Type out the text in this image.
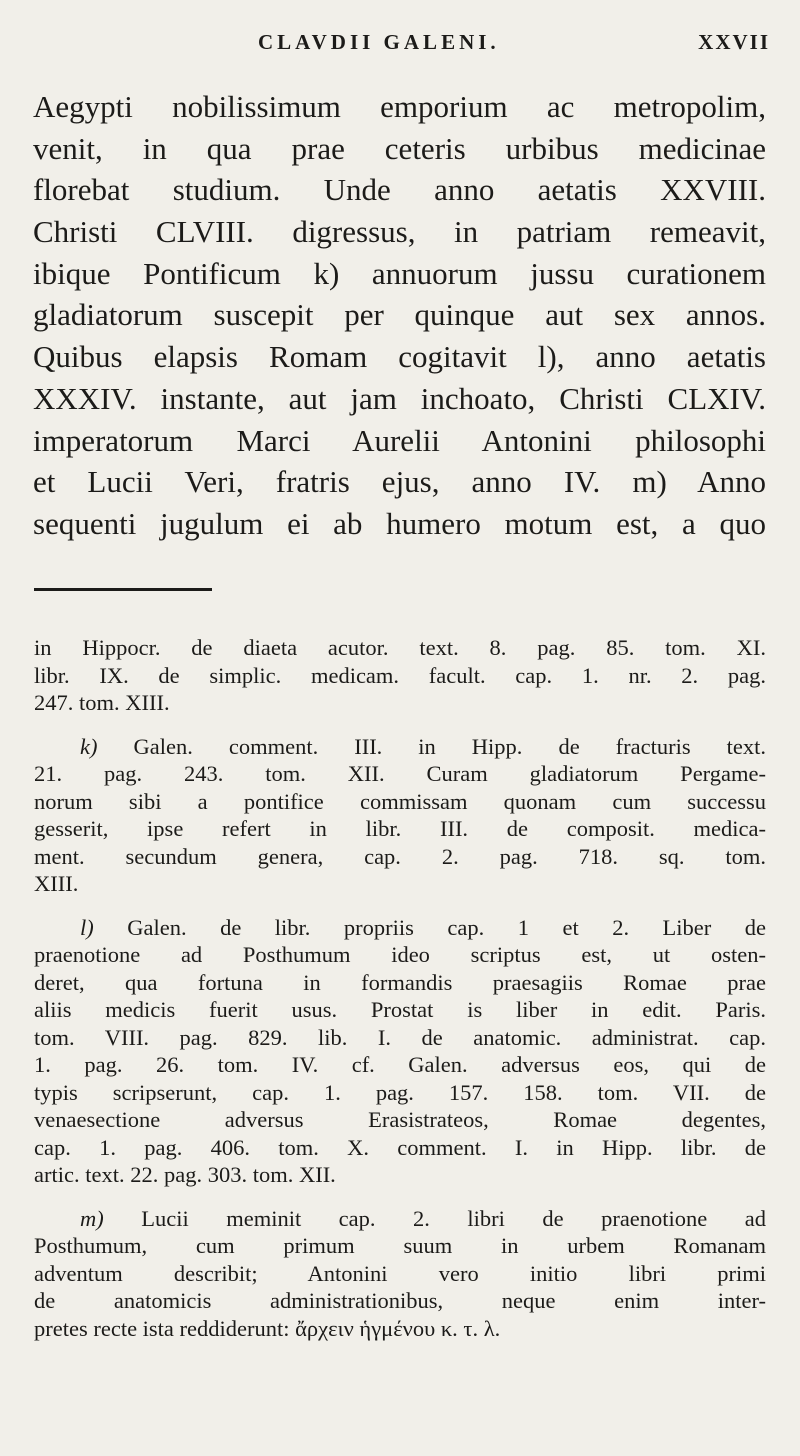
CLAVDII GALENI.	XXVII
Aegypti nobilissimum emporium ac metropolim,
venit, in qua prae ceteris urbibus medicinae
florebat studium. Unde anno aetatis XXVIII.
Christi CLVIII. digressus, in patriam remeavit,
ibique Pontificum k) annuorum jussu curationem
gladiatorum suscepit per quinque aut sex annos.
Quibus elapsis Romam cogitavit l), anno aetatis
XXXIV. instante, aut jam inchoato, Christi CLXIV.
imperatorum Marci Aurelii Antonini philosophi
et Lucii Veri, fratris ejus, anno IV. m) Anno
sequenti jugulum ei ab humero motum est, a quo
in Hippocr. de diaeta acutor. text. 8. pag. 85. tom. XI.
libr. IX. de simplic. medicam. facult. cap. 1. nr. 2. pag.
247. tom. XIII.
k) Galen. comment. III. in Hipp. de fracturis text.
21. pag. 243. tom. XII. Curam gladiatorum Pergame-
norum sibi a pontifice commissam quonam cum successu
gesserit, ipse refert in libr. III. de composit. medica-
ment. secundum genera, cap. 2. pag. 718. sq. tom.
XIII.
l) Galen. de libr. propriis cap. 1 et 2. Liber de
praenotione ad Posthumum ideo scriptus est, ut osten-
deret, qua fortuna in formandis praesagiis Romae prae
aliis medicis fuerit usus. Prostat is liber in edit. Paris.
tom. VIII. pag. 829. lib. I. de anatomic. administrat. cap.
1. pag. 26. tom. IV. cf. Galen. adversus eos, qui de
typis scripserunt, cap. 1. pag. 157. 158. tom. VII. de
venaesectione adversus Erasistrateos, Romae degentes,
cap. 1. pag. 406. tom. X. comment. I. in Hipp. libr. de
artic. text. 22. pag. 303. tom. XII.
m) Lucii meminit cap. 2. libri de praenotione ad
Posthumum, cum primum suum in urbem Romanam
adventum describit; Antonini vero initio libri primi
de anatomicis administrationibus, neque enim inter-
pretes recte ista reddiderunt: ἄρχειν ἡγμένου κ. τ. λ.
